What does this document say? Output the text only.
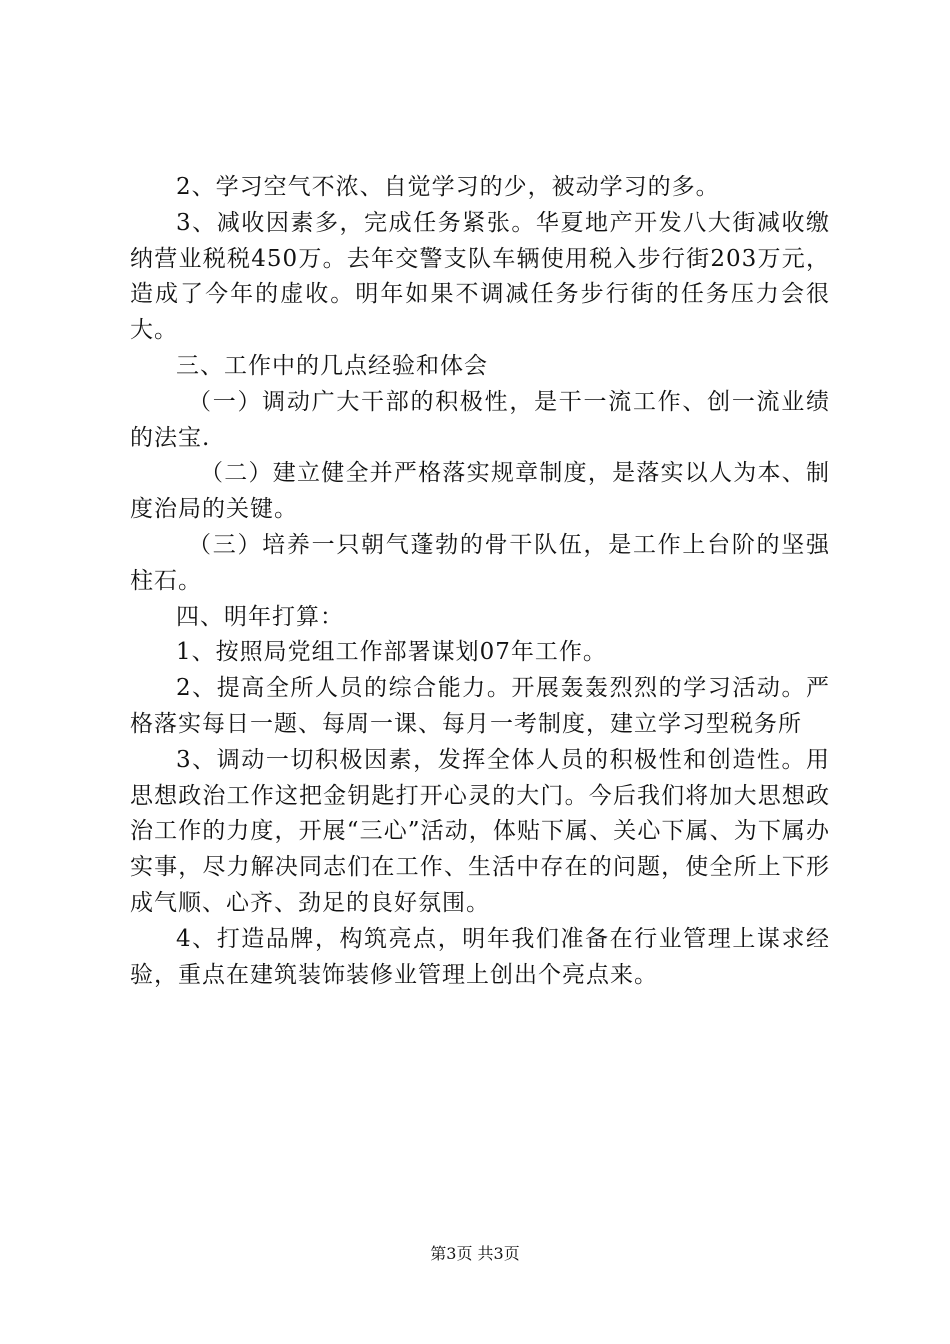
2、学习空气不浓、自觉学习的少，被动学习的多。

3、减收因素多，完成任务紧张。华夏地产开发八大街减收缴纳营业税税450万。去年交警支队车辆使用税入步行街203万元，造成了今年的虚收。明年如果不调减任务步行街的任务压力会很大。

三、工作中的几点经验和体会

（一）调动广大干部的积极性，是干一流工作、创一流业绩的法宝.

（二）建立健全并严格落实规章制度，是落实以人为本、制度治局的关键。

（三）培养一只朝气蓬勃的骨干队伍，是工作上台阶的坚强柱石。

四、明年打算：

1、按照局党组工作部署谋划07年工作。

2、提高全所人员的综合能力。开展轰轰烈烈的学习活动。严格落实每日一题、每周一课、每月一考制度，建立学习型税务所

3、调动一切积极因素，发挥全体人员的积极性和创造性。用思想政治工作这把金钥匙打开心灵的大门。今后我们将加大思想政治工作的力度，开展“三心”活动，体贴下属、关心下属、为下属办实事，尽力解决同志们在工作、生活中存在的问题，使全所上下形成气顺、心齐、劲足的良好氛围。

4、打造品牌，构筑亮点，明年我们准备在行业管理上谋求经验，重点在建筑装饰装修业管理上创出个亮点来。

第3页 共3页
